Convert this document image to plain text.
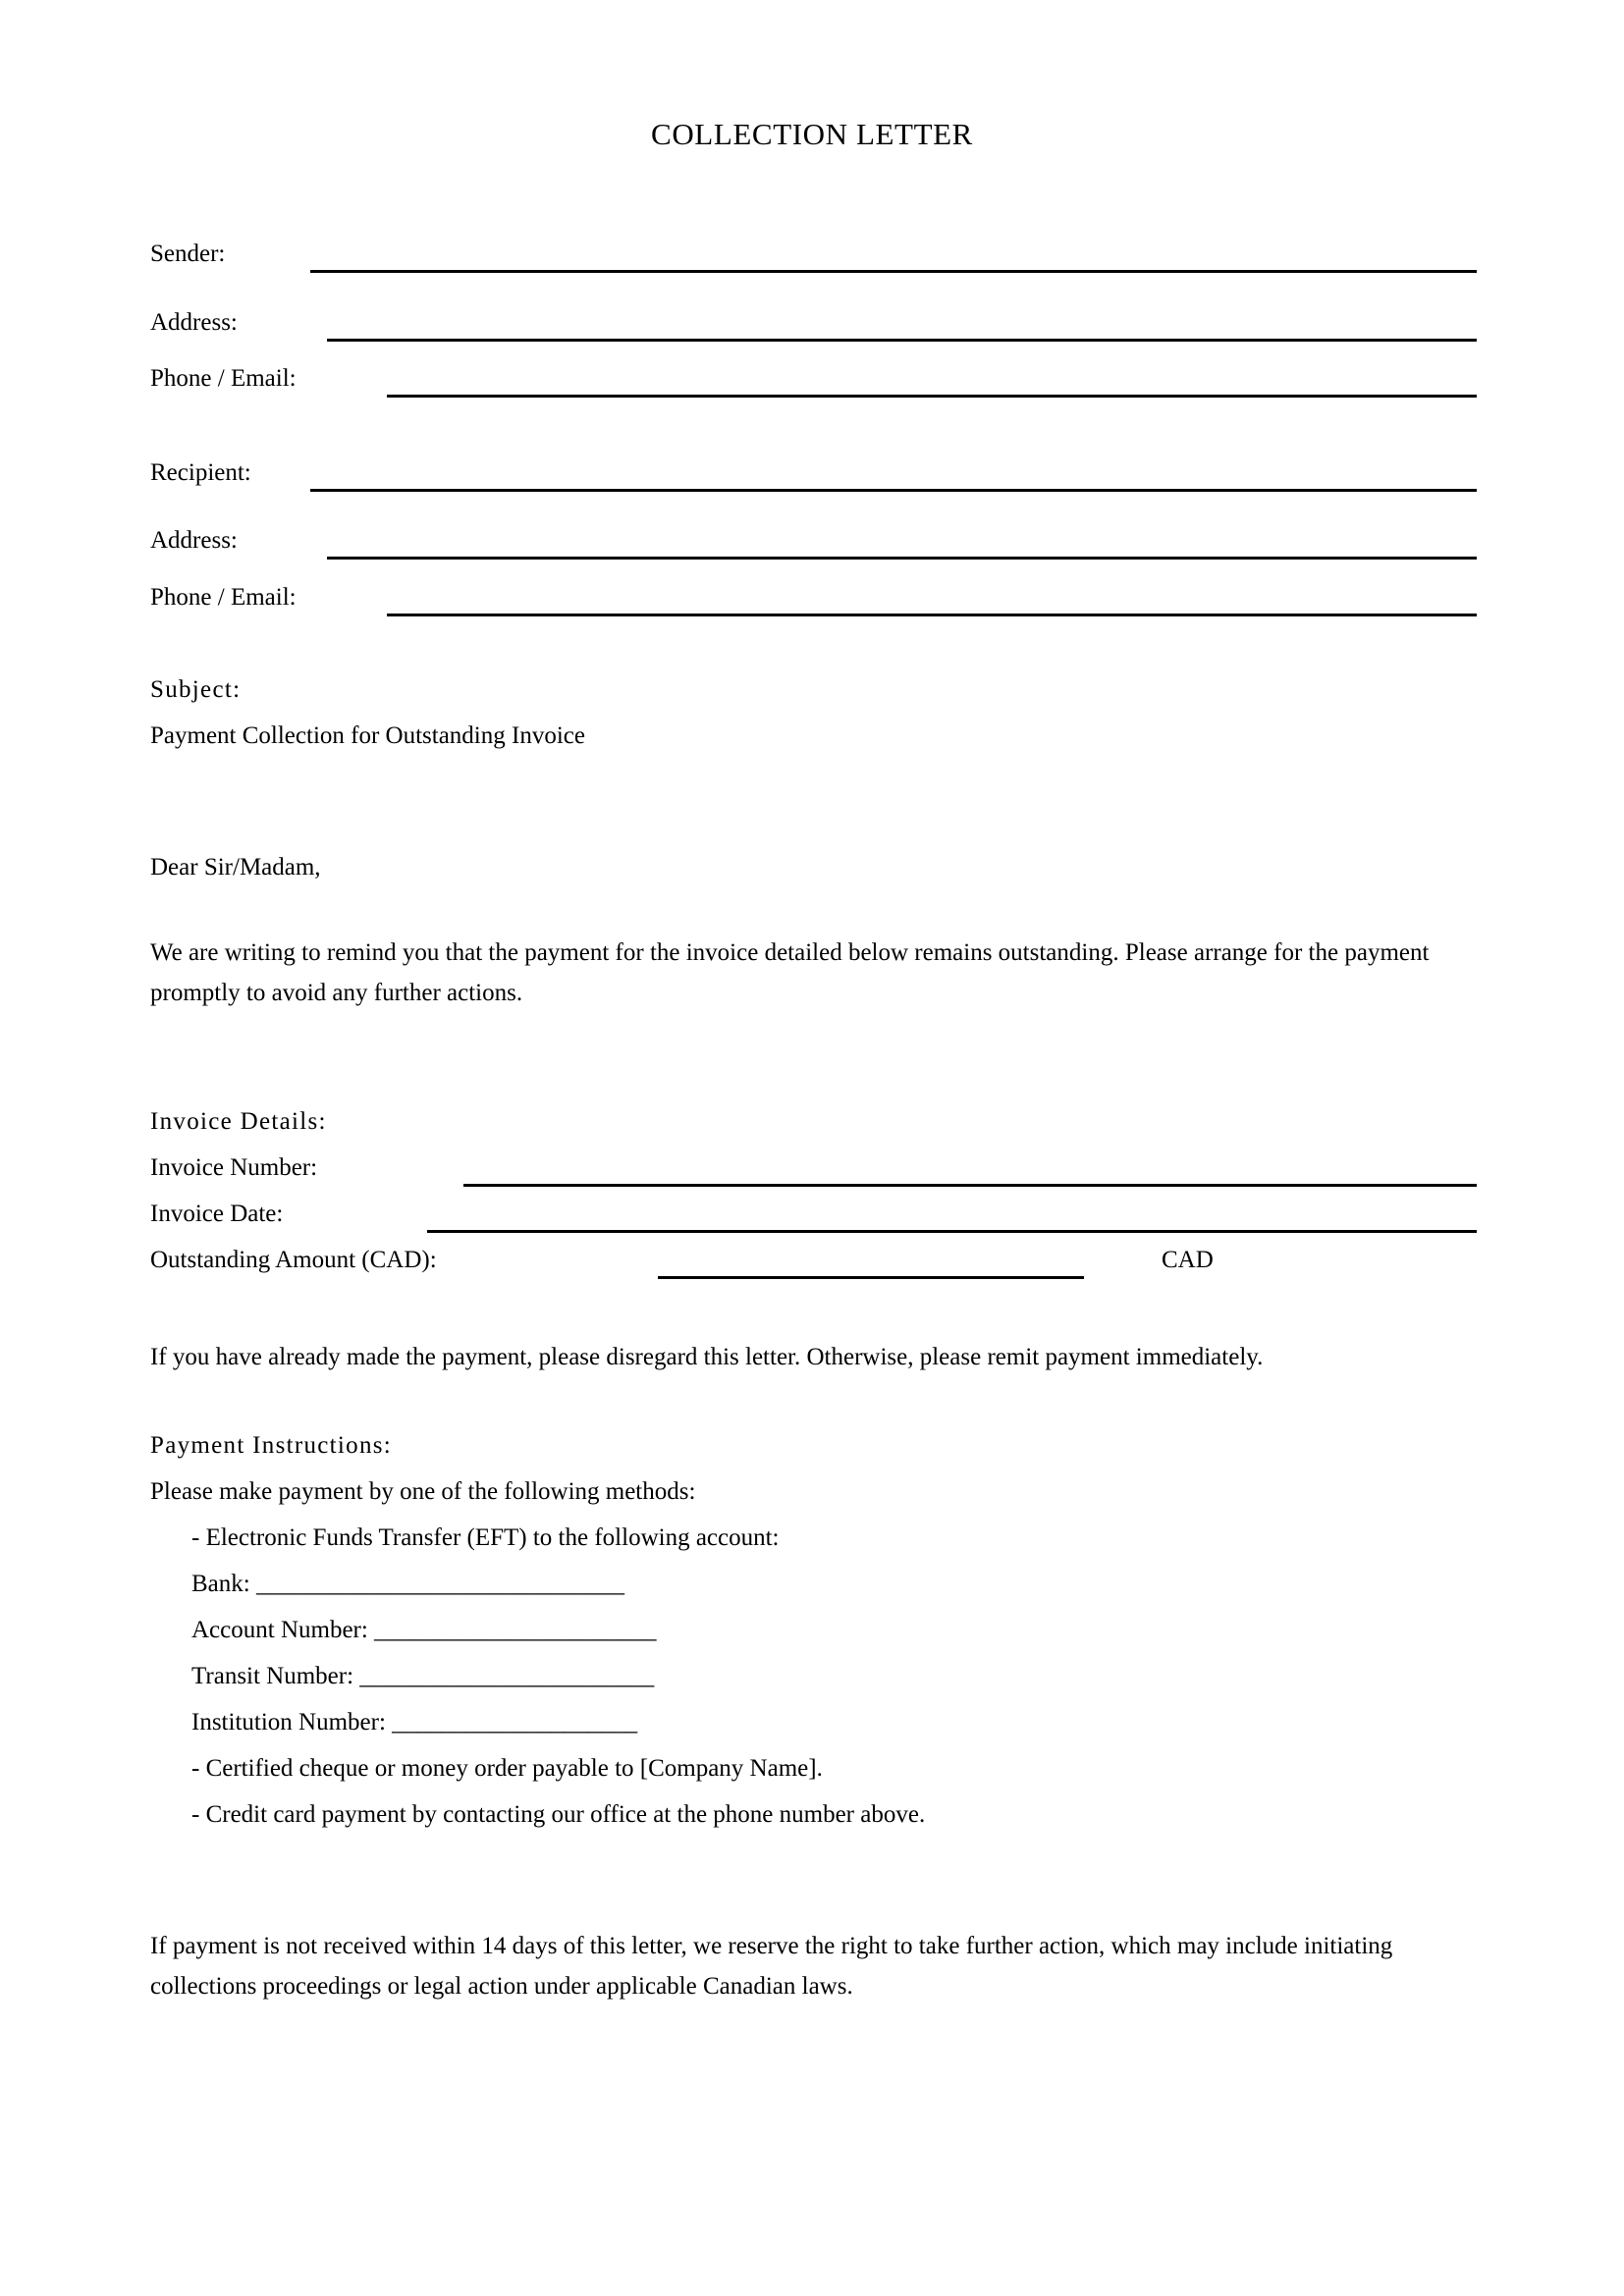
COLLECTION LETTER
Sender:
Address:
Phone / Email:
Recipient:
Address:
Phone / Email:
Subject:
Payment Collection for Outstanding Invoice
Dear Sir/Madam,
We are writing to remind you that the payment for the invoice detailed below remains outstanding. Please arrange for the payment promptly to avoid any further actions.
Invoice Details:
Invoice Number:
Invoice Date:
Outstanding Amount (CAD):	CAD
If you have already made the payment, please disregard this letter. Otherwise, please remit payment immediately.
Payment Instructions:
Please make payment by one of the following methods:
- Electronic Funds Transfer (EFT) to the following account:
Bank: ______________________________
Account Number: _______________________
Transit Number: ________________________
Institution Number: ____________________
- Certified cheque or money order payable to [Company Name].
- Credit card payment by contacting our office at the phone number above.
If payment is not received within 14 days of this letter, we reserve the right to take further action, which may include initiating collections proceedings or legal action under applicable Canadian laws.
